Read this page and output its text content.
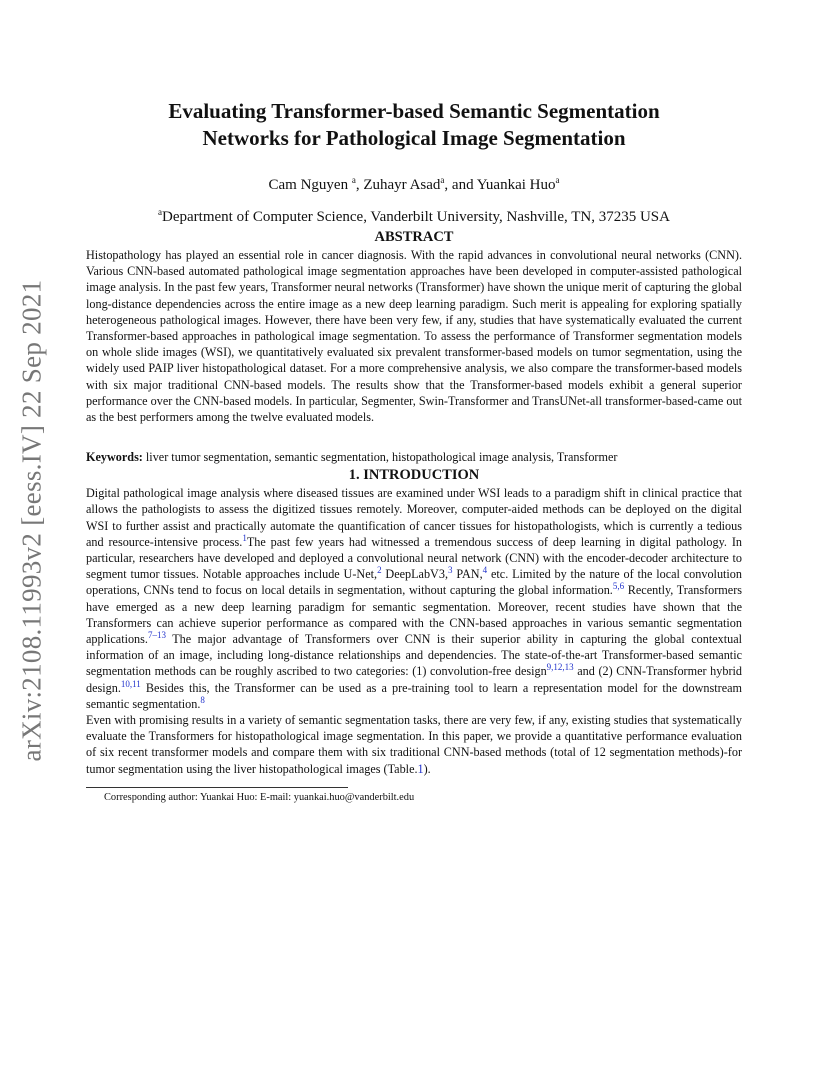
arXiv:2108.11993v2 [eess.IV] 22 Sep 2021
Evaluating Transformer-based Semantic Segmentation
Networks for Pathological Image Segmentation
Cam Nguyen $^a$, Zuhayr Asad$^a$, and Yuankai Huo$^a$
$^a$Department of Computer Science, Vanderbilt University, Nashville, TN, 37235 USA
ABSTRACT

Histopathology has played an essential role in cancer diagnosis. With the rapid advances in convolutional neural networks (CNN). Various CNN-based automated pathological image segmentation approaches have been developed in computer-assisted pathological image analysis. In the past few years, Transformer neural networks (Transformer) have shown the unique merit of capturing the global long-distance dependencies across the entire image as a new deep learning paradigm. Such merit is appealing for exploring spatially heterogeneous pathological images. However, there have been very few, if any, studies that have systematically evaluated the current Transformer-based approaches in pathological image segmentation. To assess the performance of Transformer segmentation models on whole slide images (WSI), we quantitatively evaluated six prevalent transformer-based models on tumor segmentation, using the widely used PAIP liver histopathological dataset. For a more comprehensive analysis, we also compare the transformer-based models with six major traditional CNN-based models. The results show that the Transformer-based models exhibit a general superior performance over the CNN-based models. In particular, Segmenter, Swin-Transformer and TransUNet-all transformer-based-came out as the best performers among the twelve evaluated models.

Keywords: liver tumor segmentation, semantic segmentation, histopathological image analysis, Transformer
1. INTRODUCTION

Digital pathological image analysis where diseased tissues are examined under WSI leads to a paradigm shift in clinical practice that allows the pathologists to assess the digitized tissues remotely. Moreover, computer-aided methods can be deployed on the digital WSI to further assist and practically automate the quantification of cancer tissues for histopathologists, which is currently a tedious and resource-intensive process.$^1$The past few years had witnessed a tremendous success of deep learning in digital pathology. In particular, researchers have developed and deployed a convolutional neural network (CNN) with the encoder-decoder architecture to segment tumor tissues. Notable approaches include U-Net,$^2$ DeepLabV3,$^3$ PAN,$^4$ etc. Limited by the nature of the local convolution operations, CNNs tend to focus on local details in segmentation, without capturing the global information.$^{5,6}$ Recently, Transformers have emerged as a new deep learning paradigm for semantic segmentation. Moreover, recent studies have shown that the Transformers can achieve superior performance as compared with the CNN-based approaches in various semantic segmentation applications.$^{7-13}$ The major advantage of Transformers over CNN is their superior ability in capturing the global contextual information of an image, including long-distance relationships and dependencies. The state-of-the-art Transformer-based semantic segmentation methods can be roughly ascribed to two categories: (1) convolution-free design$^{9,12,13}$ and (2) CNN-Transformer hybrid design.$^{10,11}$ Besides this, the Transformer can be used as a pre-training tool to learn a representation model for the downstream semantic segmentation.$^8$

Even with promising results in a variety of semantic segmentation tasks, there are very few, if any, existing studies that systematically evaluate the Transformers for histopathological image segmentation. In this paper, we provide a quantitative performance evaluation of six recent transformer models and compare them with six traditional CNN-based methods (total of 12 segmentation methods)-for tumor segmentation using the liver histopathological images (Table.1).

Corresponding author: Yuankai Huo: E-mail: yuankai.huo@vanderbilt.edu
